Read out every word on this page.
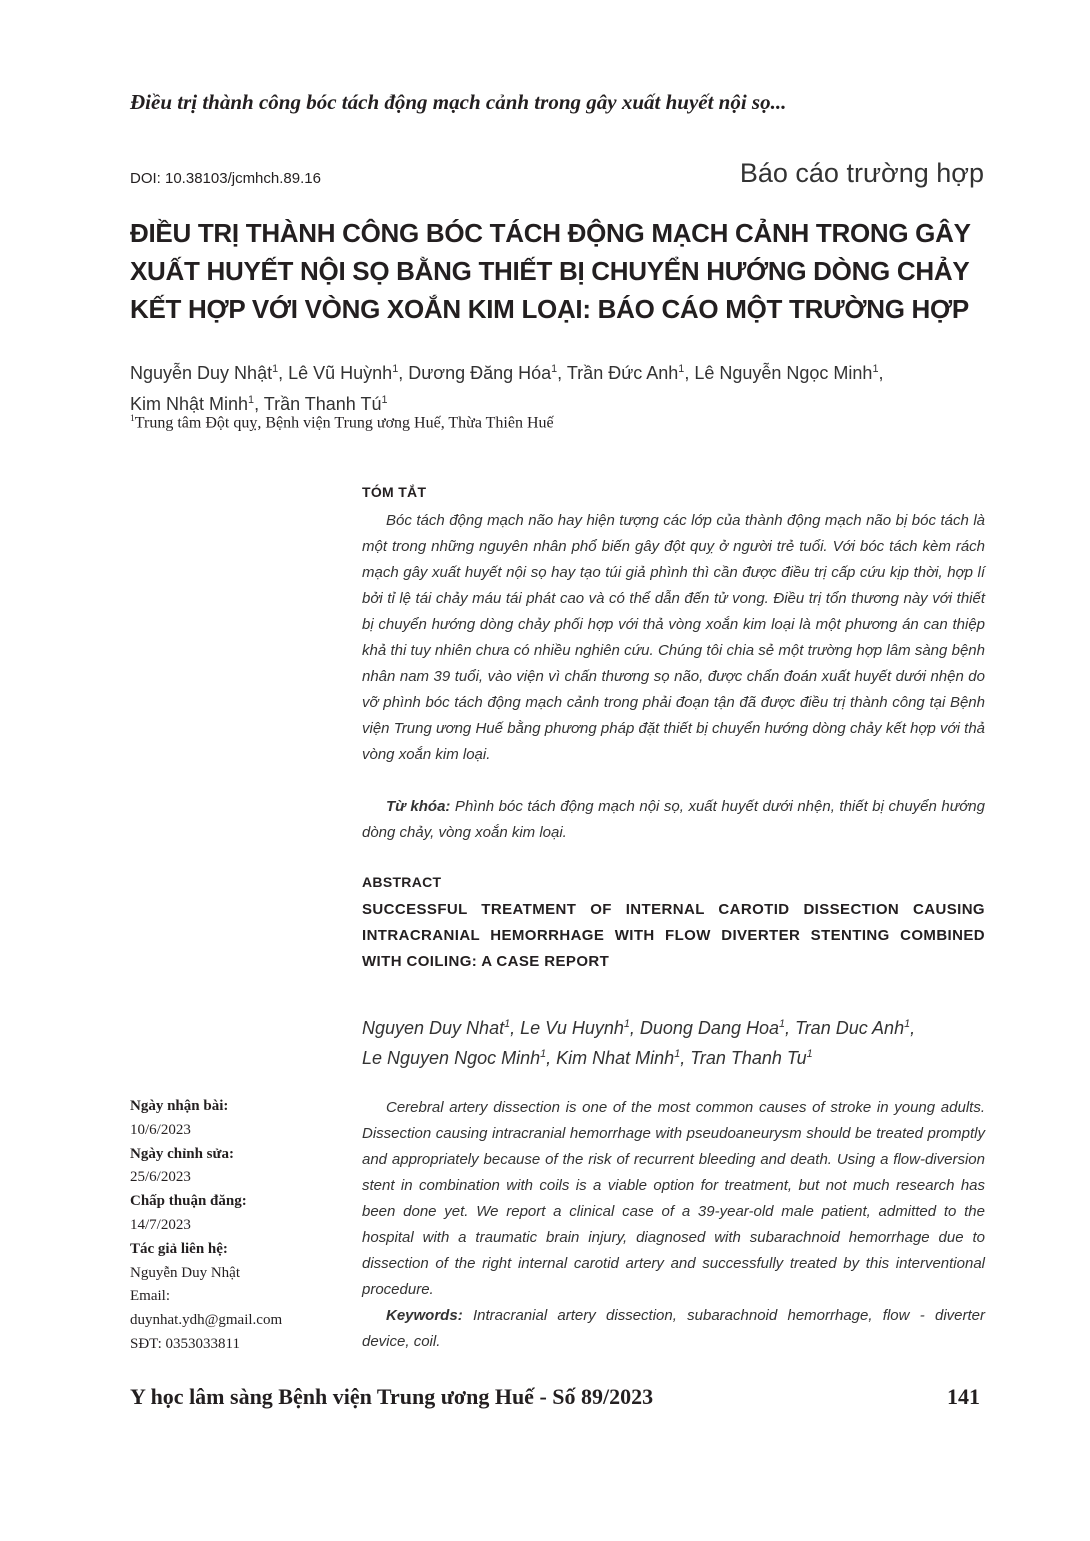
Điều trị thành công bóc tách động mạch cảnh trong gây xuất huyết nội sọ...
DOI: 10.38103/jcmhch.89.16	Báo cáo trường hợp
ĐIỀU TRỊ THÀNH CÔNG BÓC TÁCH ĐỘNG MẠCH CẢNH TRONG GÂY
XUẤT HUYẾT NỘI SỌ BẰNG THIẾT BỊ CHUYỂN HƯỚNG DÒNG CHẢY
KẾT HỢP VỚI VÒNG XOẮN KIM LOẠI: BÁO CÁO MỘT TRƯỜNG HỢP
Nguyễn Duy Nhật$^1$, Lê Vũ Huỳnh$^1$, Dương Đăng Hóa$^1$, Trần Đức Anh$^1$, Lê Nguyễn Ngọc Minh$^1$,
Kim Nhật Minh$^1$, Trần Thanh $Tú^1$
$^1$Trung tâm Đột quỵ, Bệnh viện Trung ương Huế, Thừa Thiên Huế
TÓM TẮT
Bóc tách động mạch não hay hiện tượng các lớp của thành động mạch não bị bóc tách là một trong những nguyên nhân phổ biến gây đột quỵ ở người trẻ tuổi. Với bóc tách kèm rách mạch gây xuất huyết nội sọ hay tạo túi giả phình thì cần được điều trị cấp cứu kịp thời, hợp lí bởi tỉ lệ tái chảy máu tái phát cao và có thể dẫn đến tử vong. Điều trị tổn thương này với thiết bị chuyển hướng dòng chảy phối hợp với thả vòng xoắn kim loại là một phương án can thiệp khả thi tuy nhiên chưa có nhiều nghiên cứu. Chúng tôi chia sẻ một trường hợp lâm sàng bệnh nhân nam 39 tuổi, vào viện vì chấn thương sọ não, được chẩn đoán xuất huyết dưới nhện do vỡ phình bóc tách động mạch cảnh trong phải đoạn tận đã được điều trị thành công tại Bệnh viện Trung ương Huế bằng phương pháp đặt thiết bị chuyển hướng dòng chảy kết hợp với thả vòng xoắn kim loại.
Từ khóa: Phình bóc tách động mạch nội sọ, xuất huyết dưới nhện, thiết bị chuyển hướng dòng chảy, vòng xoắn kim loại.
ABSTRACT
SUCCESSFUL TREATMENT OF INTERNAL CAROTID DISSECTION CAUSING INTRACRANIAL HEMORRHAGE WITH FLOW DIVERTER STENTING COMBINED WITH COILING: A CASE REPORT
Nguyen Duy Nhat$^1$, Le Vu Huynh$^1$, Duong Dang Hoa$^1$, Tran Duc Anh$^1$,
Le Nguyen Ngoc Minh$^1$, Kim Nhat Minh$^1$, Tran Thanh Tu$^1$
Ngày nhận bài:
10/6/2023
Ngày chỉnh sửa:
25/6/2023
Chấp thuận đăng:
14/7/2023
Tác giả liên hệ:
Nguyễn Duy Nhật
Email:
duynhat.ydh@gmail.com
SĐT: 0353033811
Cerebral artery dissection is one of the most common causes of stroke in young adults. Dissection causing intracranial hemorrhage with pseudoaneurysm should be treated promptly and appropriately because of the risk of recurrent bleeding and death. Using a flow-diversion stent in combination with coils is a viable option for treatment, but not much research has been done yet. We report a clinical case of a 39-year-old male patient, admitted to the hospital with a traumatic brain injury, diagnosed with subarachnoid hemorrhage due to dissection of the right internal carotid artery and successfully treated by this interventional procedure.
Keywords: Intracranial artery dissection, subarachnoid hemorrhage, flow - diverter device, coil.
Y học lâm sàng Bệnh viện Trung ương Huế - Số 89/2023	141
